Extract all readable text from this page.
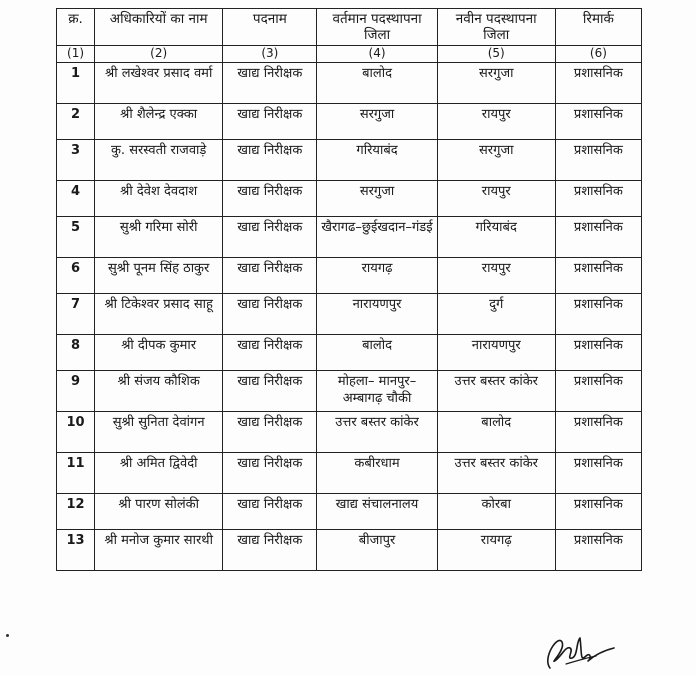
क्र.	अधिकारियों का नाम	पदनाम	वर्तमान पदस्थापना जिला	नवीन पदस्थापना जिला	रिमार्क
(1)	(2)	(3)	(4)	(5)	(6)
1	श्री लखेश्वर प्रसाद वर्मा	खाद्य निरीक्षक	बालोद	सरगुजा	प्रशासनिक
2	श्री शैलेन्द्र एक्का	खाद्य निरीक्षक	सरगुजा	रायपुर	प्रशासनिक
3	कु. सरस्वती राजवाड़े	खाद्य निरीक्षक	गरियाबंद	सरगुजा	प्रशासनिक
4	श्री देवेश देवदाश	खाद्य निरीक्षक	सरगुजा	रायपुर	प्रशासनिक
5	सुश्री गरिमा सोरी	खाद्य निरीक्षक	खैरागढ–छुईखदान–गंडई	गरियाबंद	प्रशासनिक
6	सुश्री पूनम सिंह ठाकुर	खाद्य निरीक्षक	रायगढ़	रायपुर	प्रशासनिक
7	श्री टिकेश्वर प्रसाद साहू	खाद्य निरीक्षक	नारायणपुर	दुर्ग	प्रशासनिक
8	श्री दीपक कुमार	खाद्य निरीक्षक	बालोद	नारायणपुर	प्रशासनिक
9	श्री संजय कौशिक	खाद्य निरीक्षक	मोहला– मानपुर–अम्बागढ़ चौकी	उत्तर बस्तर कांकेर	प्रशासनिक
10	सुश्री सुनिता देवांगन	खाद्य निरीक्षक	उत्तर बस्तर कांकेर	बालोद	प्रशासनिक
11	श्री अमित द्विवेदी	खाद्य निरीक्षक	कबीरधाम	उत्तर बस्तर कांकेर	प्रशासनिक
12	श्री पारण सोलंकी	खाद्य निरीक्षक	खाद्य संचालनालय	कोरबा	प्रशासनिक
13	श्री मनोज कुमार सारथी	खाद्य निरीक्षक	बीजापुर	रायगढ़	प्रशासनिक
